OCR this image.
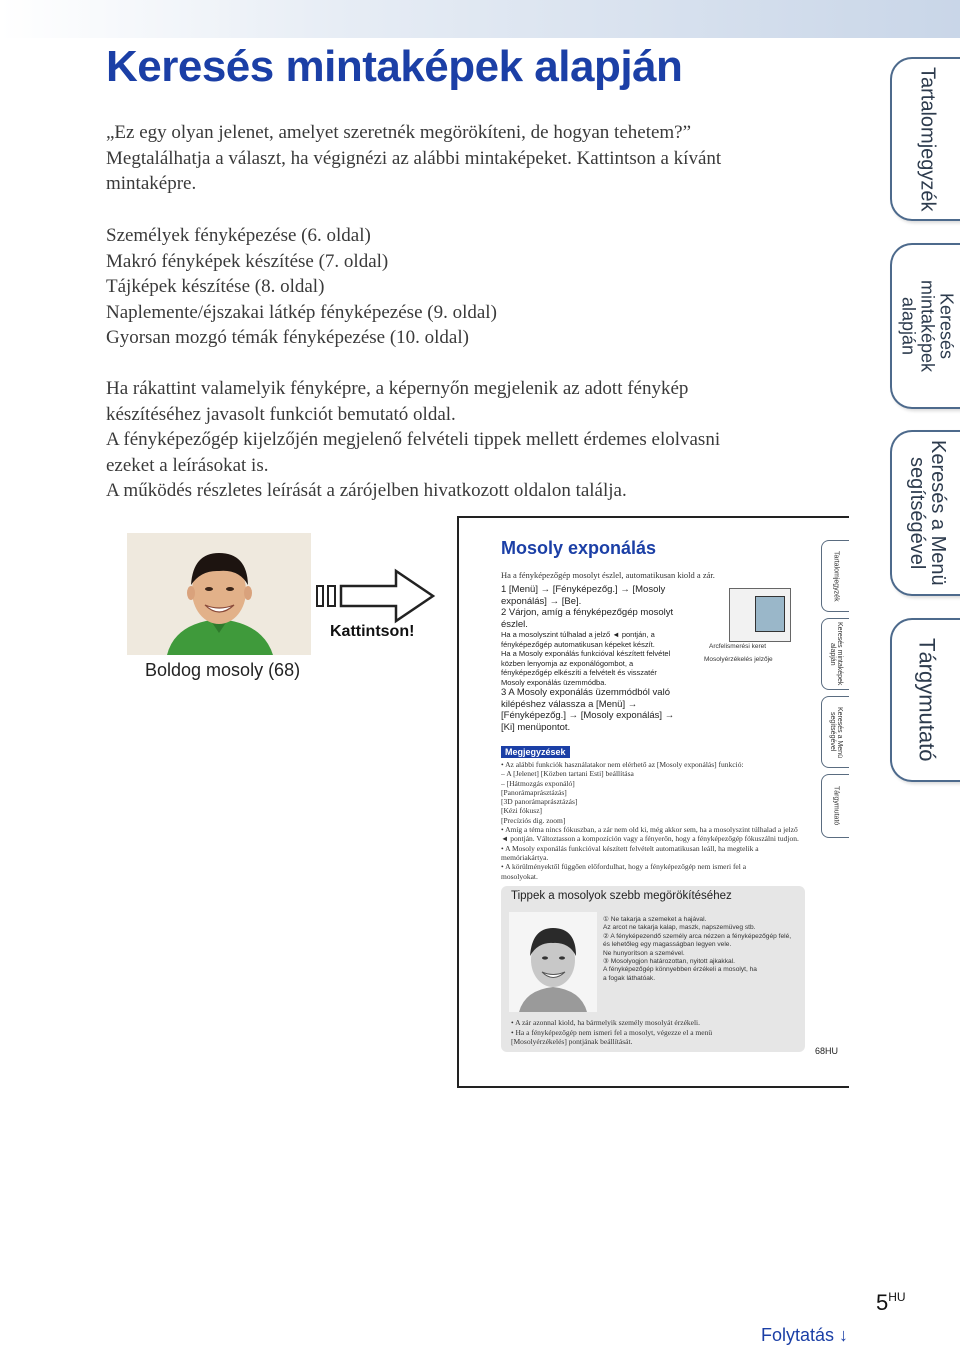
Keresés mintaképek alapján

„Ez egy olyan jelenet, amelyet szeretnék megörökíteni, de hogyan tehetem?”

Megtalálhatja a választ, ha végignézi az alábbi mintaképeket. Kattintson a kívánt

mintaképre.

Személyek fényképezése (6. oldal)
Makró fényképek készítése (7. oldal)
Tájképek készítése (8. oldal)
Naplemente/éjszakai látkép fényképezése (9. oldal)
Gyorsan mozgó témák fényképezése (10. oldal)

Ha rákattint valamelyik fényképre, a képernyőn megjelenik az adott fénykép

készítéséhez javasolt funkciót bemutató oldal.

A fényképezőgép kijelzőjén megjelenő felvételi tippek mellett érdemes elolvasni

ezeket a leírásokat is.

A működés részletes leírását a zárójelben hivatkozott oldalon találja.

Tartalomjegyzék
Keresés mintaképek
alapján
Keresés a Menü
segítségével
Tárgymutató
Boldog mosoly (68)
Kattintson!
Mosoly exponálás
Ha a fényképezőgép mosolyt észlel, automatikusan kiold a zár.
1 [Menü] → [Fényképezőg.] → [Mosoly
exponálás] → [Be].
2 Várjon, amíg a fényképezőgép mosolyt
észlel.
Ha a mosolyszint túlhalad a jelző ◄ pontján, a
fényképezőgép automatikusan képeket készít.
Ha a Mosoly exponálás funkcióval készített felvétel
közben lenyomja az exponálógombot, a
fényképezőgép elkészíti a felvételt és visszatér
Mosoly exponálás üzemmódba.
3 A Mosoly exponálás üzemmódból való
kilépéshez válassza a [Menü] →
[Fényképezőg.] → [Mosoly exponálás] →
[Ki] menüpontot.
Arcfelismerési keret
Mosolyérzékelés jelzője
Megjegyzések
• Az alábbi funkciók használatakor nem elérhető az [Mosoly exponálás] funkció:
– A [Jelenet] [Közben tartani Esti] beállítása
– [Hátmozgás exponáló]
[Panorámaprásztázás]
[3D panorámaprásztázás]
[Kézi fókusz]
[Precíziós dig. zoom]
• Amíg a téma nincs fókuszban, a zár nem old ki, még akkor sem, ha a mosolyszint túlhalad a jelző
◄ pontján. Változtasson a kompozíción vagy a fényerőn, hogy a fényképezőgép fókuszálni tudjon.
• A Mosoly exponálás funkcióval készített felvételt automatikusan leáll, ha megtelik a
memóriakártya.
• A körülményektől függően előfordulhat, hogy a fényképezőgép nem ismeri fel a
mosolyokat.
Tippek a mosolyok szebb megörökítéséhez
① Ne takarja a szemeket a hajával.
Az arcot ne takarja kalap, maszk, napszemüveg stb.
② A fényképezendő személy arca nézzen a fényképezőgép felé,
és lehetőleg egy magasságban legyen vele.
Ne hunyorítson a szemével.
③ Mosolyogjon határozottan, nyitott ajkakkal.
A fényképezőgép könnyebben érzékeli a mosolyt, ha
a fogak láthatóak.
• A zár azonnal kiold, ha bármelyik személy mosolyát érzékeli.
• Ha a fényképezőgép nem ismeri fel a mosolyt, végezze el a menü
[Mosolyérzékelés] pontjának beállítását.
68HU
Tartalomjegyzék
Keresés mintaképek
alapján
Keresés a Menü
segítségével
Tárgymutató
$5^{HU}$
Folytatás ↓
